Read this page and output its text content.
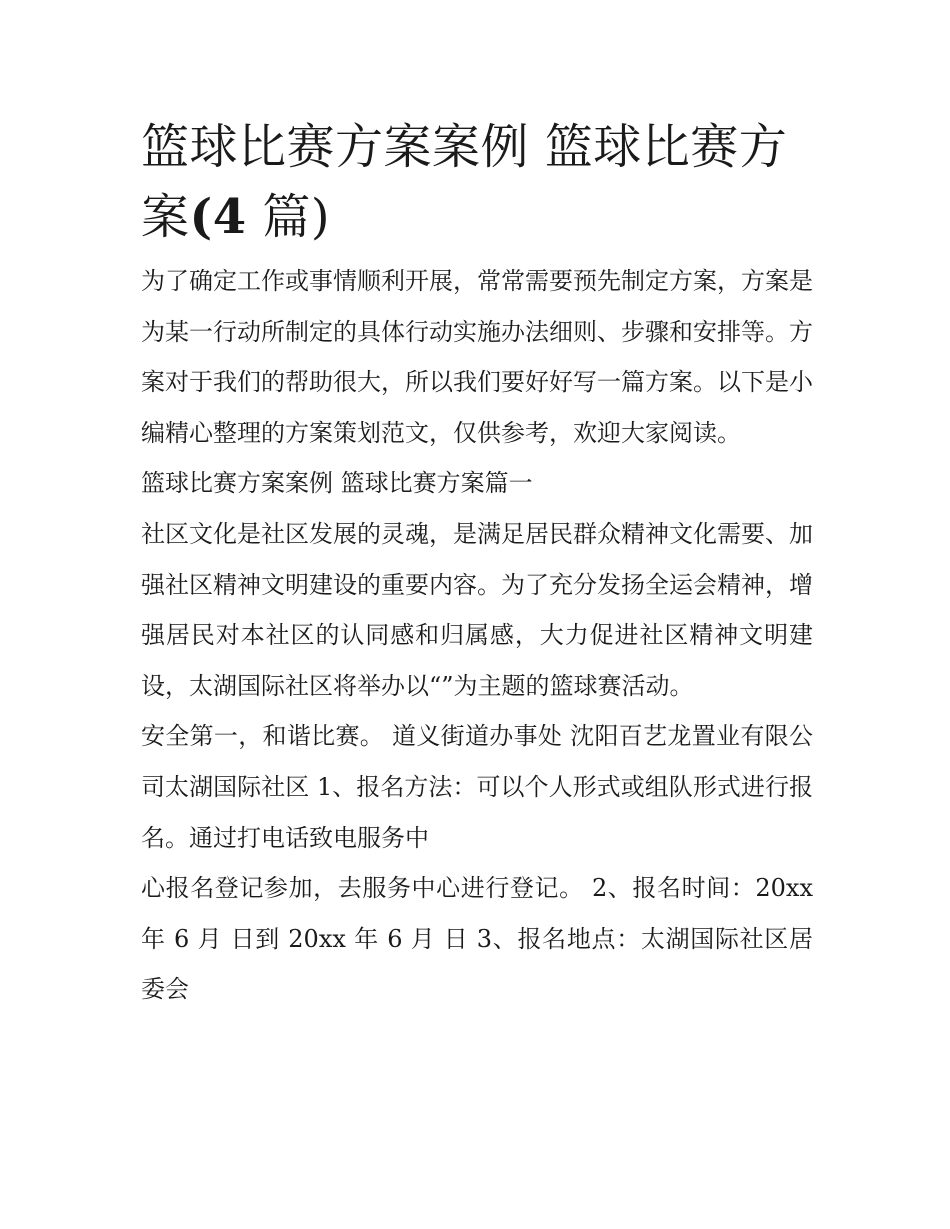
篮球比赛方案案例 篮球比赛方案(4 篇)

为了确定工作或事情顺利开展，常常需要预先制定方案，方案是为某一行动所制定的具体行动实施办法细则、步骤和安排等。方案对于我们的帮助很大，所以我们要好好写一篇方案。以下是小编精心整理的方案策划范文，仅供参考，欢迎大家阅读。

篮球比赛方案案例 篮球比赛方案篇一

社区文化是社区发展的灵魂，是满足居民群众精神文化需要、加强社区精神文明建设的重要内容。为了充分发扬全运会精神，增强居民对本社区的认同感和归属感，大力促进社区精神文明建设，太湖国际社区将举办以“”为主题的篮球赛活动。

安全第一，和谐比赛。 道义街道办事处 沈阳百艺龙置业有限公司太湖国际社区 1、报名方法：可以个人形式或组队形式进行报名。通过打电话致电服务中

心报名登记参加，去服务中心进行登记。 2、报名时间：20xx 年 6 月 日到 20xx 年 6 月 日 3、报名地点：太湖国际社区居委会
